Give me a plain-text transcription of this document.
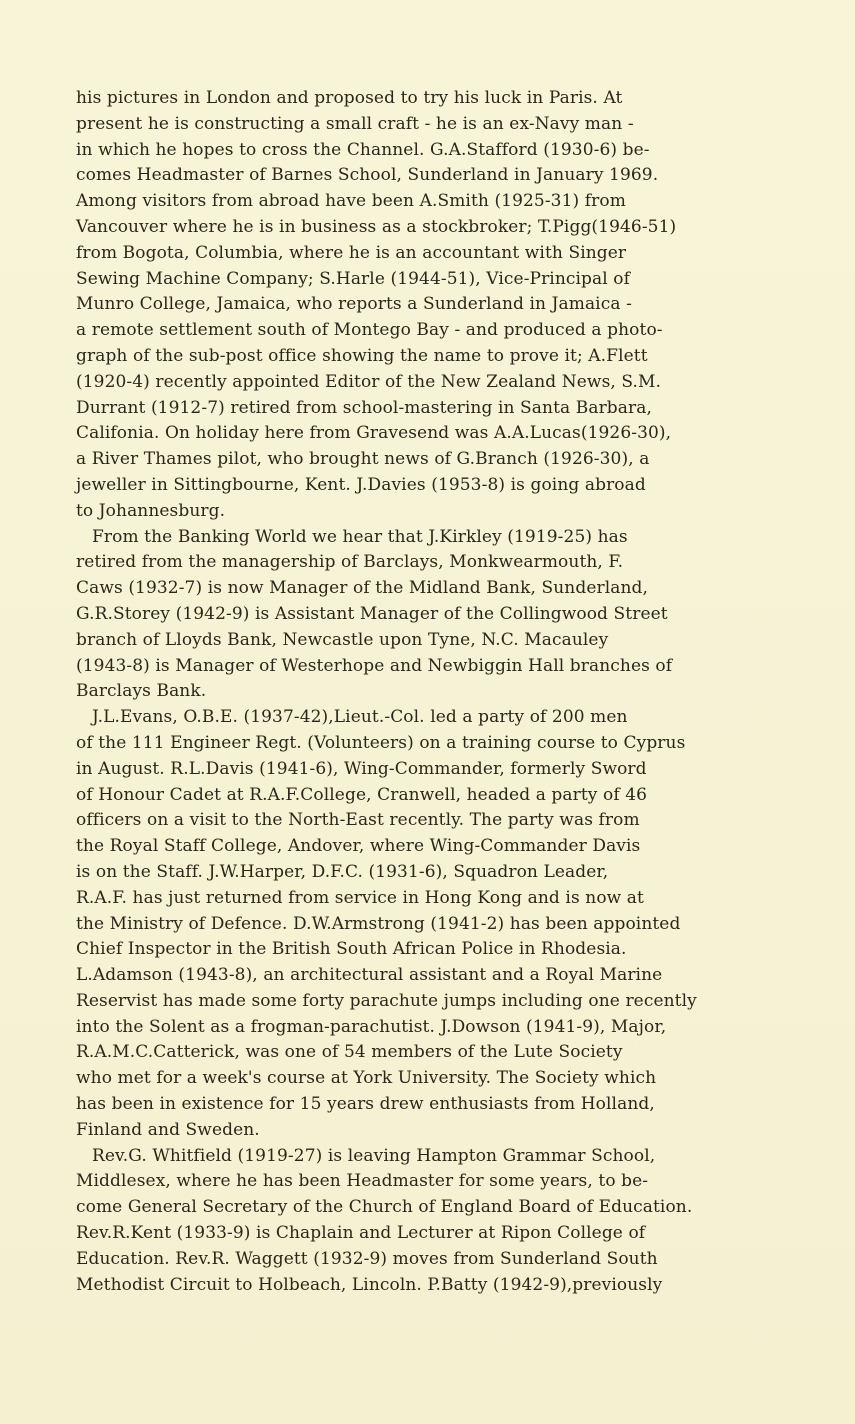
his pictures in London and proposed to try his luck in Paris. At
present he is constructing a small craft - he is an ex-Navy man -
in which he hopes to cross the Channel. G.A.Stafford (1930-6) be-
comes Headmaster of Barnes School, Sunderland in January 1969.
Among visitors from abroad have been A.Smith (1925-31) from
Vancouver where he is in business as a stockbroker; T.Pigg(1946-51)
from Bogota, Columbia, where he is an accountant with Singer
Sewing Machine Company; S.Harle (1944-51), Vice-Principal of
Munro College, Jamaica, who reports a Sunderland in Jamaica -
a remote settlement south of Montego Bay - and produced a photo-
graph of the sub-post office showing the name to prove it; A.Flett
(1920-4) recently appointed Editor of the New Zealand News, S.M.
Durrant (1912-7) retired from school-mastering in Santa Barbara,
Califonia. On holiday here from Gravesend was A.A.Lucas(1926-30),
a River Thames pilot, who brought news of G.Branch (1926-30), a
jeweller in Sittingbourne, Kent. J.Davies (1953-8) is going abroad
to Johannesburg.
From the Banking World we hear that J.Kirkley (1919-25) has
retired from the managership of Barclays, Monkwearmouth, F.
Caws (1932-7) is now Manager of the Midland Bank, Sunderland,
G.R.Storey (1942-9) is Assistant Manager of the Collingwood Street
branch of Lloyds Bank, Newcastle upon Tyne, N.C. Macauley
(1943-8) is Manager of Westerhope and Newbiggin Hall branches of
Barclays Bank.
J.L.Evans, O.B.E. (1937-42),Lieut.-Col. led a party of 200 men
of the 111 Engineer Regt. (Volunteers) on a training course to Cyprus
in August. R.L.Davis (1941-6), Wing-Commander, formerly Sword
of Honour Cadet at R.A.F.College, Cranwell, headed a party of 46
officers on a visit to the North-East recently. The party was from
the Royal Staff College, Andover, where Wing-Commander Davis
is on the Staff. J.W.Harper, D.F.C. (1931-6), Squadron Leader,
R.A.F. has just returned from service in Hong Kong and is now at
the Ministry of Defence. D.W.Armstrong (1941-2) has been appointed
Chief Inspector in the British South African Police in Rhodesia.
L.Adamson (1943-8), an architectural assistant and a Royal Marine
Reservist has made some forty parachute jumps including one recently
into the Solent as a frogman-parachutist. J.Dowson (1941-9), Major,
R.A.M.C.Catterick, was one of 54 members of the Lute Society
who met for a week's course at York University. The Society which
has been in existence for 15 years drew enthusiasts from Holland,
Finland and Sweden.
Rev.G. Whitfield (1919-27) is leaving Hampton Grammar School,
Middlesex, where he has been Headmaster for some years, to be-
come General Secretary of the Church of England Board of Education.
Rev.R.Kent (1933-9) is Chaplain and Lecturer at Ripon College of
Education. Rev.R. Waggett (1932-9) moves from Sunderland South
Methodist Circuit to Holbeach, Lincoln. P.Batty (1942-9),previously
